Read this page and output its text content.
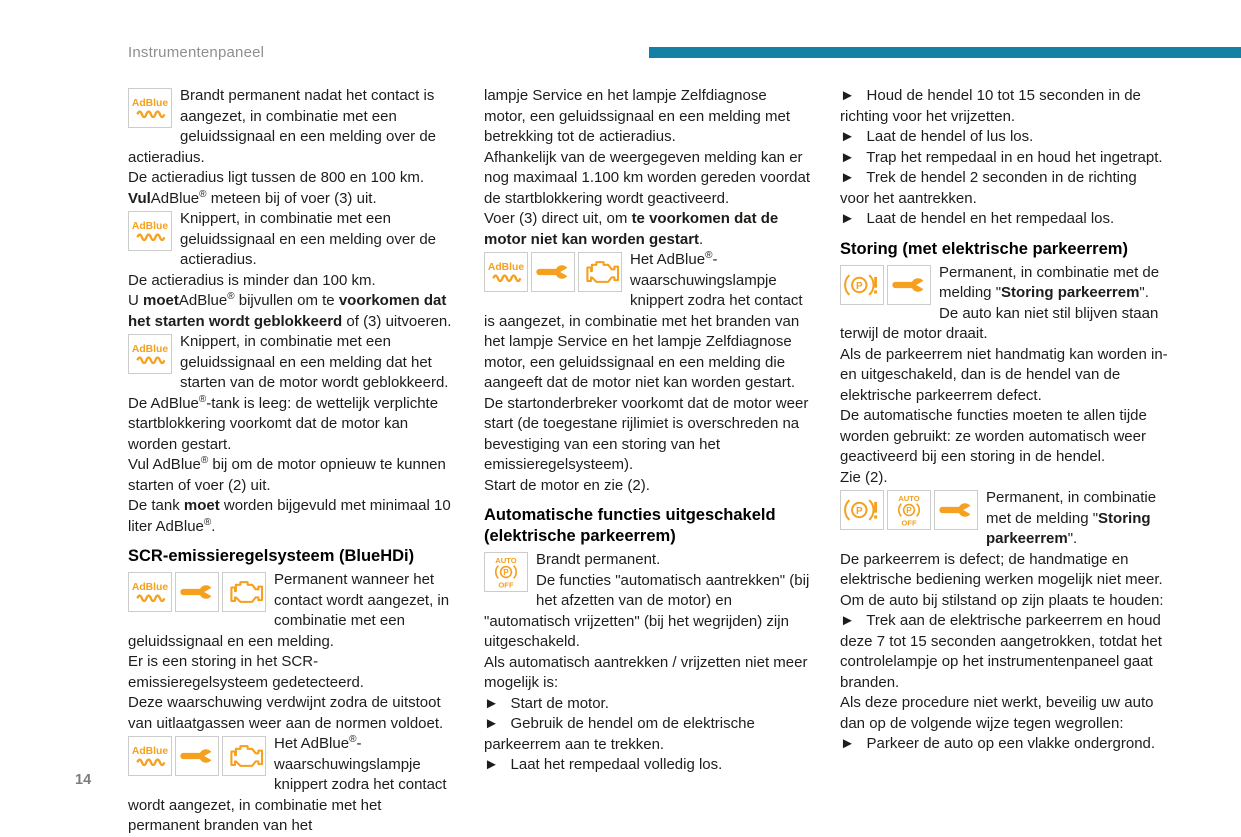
Instrumentenpaneel
AdBlue Brandt permanent nadat het contact is aangezet, in combinatie met een geluidssignaal en een melding over de actieradius.
De actieradius ligt tussen de 800 en 100 km.
VulAdBlue® meteen bij of voer (3) uit.
AdBlue Knippert, in combinatie met een geluidssignaal en een melding over de actieradius.
De actieradius is minder dan 100 km.
U moetAdBlue® bijvullen om te voorkomen dat het starten wordt geblokkeerd of (3) uitvoeren.
AdBlue Knippert, in combinatie met een geluidssignaal en een melding dat het starten van de motor wordt geblokkeerd.
De AdBlue®-tank is leeg: de wettelijk verplichte startblokkering voorkomt dat de motor kan worden gestart.
Vul AdBlue® bij om de motor opnieuw te kunnen starten of voer (2) uit.
De tank moet worden bijgevuld met minimaal 10 liter AdBlue®.
SCR-emissieregelsysteem (BlueHDi)
AdBlue	Permanent wanneer het contact wordt aangezet, in combinatie met een geluidssignaal en een melding.
Er is een storing in het SCR-emissieregelsysteem gedetecteerd.
Deze waarschuwing verdwijnt zodra de uitstoot van uitlaatgassen weer aan de normen voldoet.
AdBlue	Het AdBlue®-waarschuwingslampje knippert zodra het contact wordt aangezet, in combinatie met het permanent branden van het
lampje Service en het lampje Zelfdiagnose motor, een geluidssignaal en een melding met betrekking tot de actieradius.
Afhankelijk van de weergegeven melding kan er nog maximaal 1.100 km worden gereden voordat de startblokkering wordt geactiveerd.
Voer (3) direct uit, om te voorkomen dat de motor niet kan worden gestart.
AdBlue	Het AdBlue®-waarschuwingslampje knippert zodra het contact is aangezet, in combinatie met het branden van het lampje Service en het lampje Zelfdiagnose motor, een geluidssignaal en een melding die aangeeft dat de motor niet kan worden gestart.
De startonderbreker voorkomt dat de motor weer start (de toegestane rijlimiet is overschreden na bevestiging van een storing van het emissieregelsysteem).
Start de motor en zie (2).
Automatische functies uitgeschakeld (elektrische parkeerrem)
AUTO
P
OFF
Brandt permanent.
De functies "automatisch aantrekken" (bij het afzetten van de motor) en "automatisch vrijzetten" (bij het wegrijden) zijn uitgeschakeld.
Als automatisch aantrekken / vrijzetten niet meer mogelijk is:
►  Start de motor.
►  Gebruik de hendel om de elektrische parkeerrem aan te trekken.
►  Laat het rempedaal volledig los.
►  Houd de hendel 10 tot 15 seconden in de richting voor het vrijzetten.
►  Laat de hendel of lus los.
►  Trap het rempedaal in en houd het ingetrapt.
►  Trek de hendel 2 seconden in de richting voor het aantrekken.
►  Laat de hendel en het rempedaal los.
Storing (met elektrische parkeerrem)
P
Permanent, in combinatie met de melding "Storing parkeerrem".
De auto kan niet stil blijven staan terwijl de motor draait.
Als de parkeerrem niet handmatig kan worden in- en uitgeschakeld, dan is de hendel van de elektrische parkeerrem defect.
De automatische functies moeten te allen tijde worden gebruikt: ze worden automatisch weer geactiveerd bij een storing in de hendel.
Zie (2).
P
AUTO
P
OFF
Permanent, in combinatie met de melding "Storing parkeerrem".
De parkeerrem is defect; de handmatige en elektrische bediening werken mogelijk niet meer.
Om de auto bij stilstand op zijn plaats te houden:
►  Trek aan de elektrische parkeerrem en houd deze 7 tot 15 seconden aangetrokken, totdat het controlelampje op het instrumentenpaneel gaat branden.
Als deze procedure niet werkt, beveilig uw auto dan op de volgende wijze tegen wegrollen:
►  Parkeer de auto op een vlakke ondergrond.
14
